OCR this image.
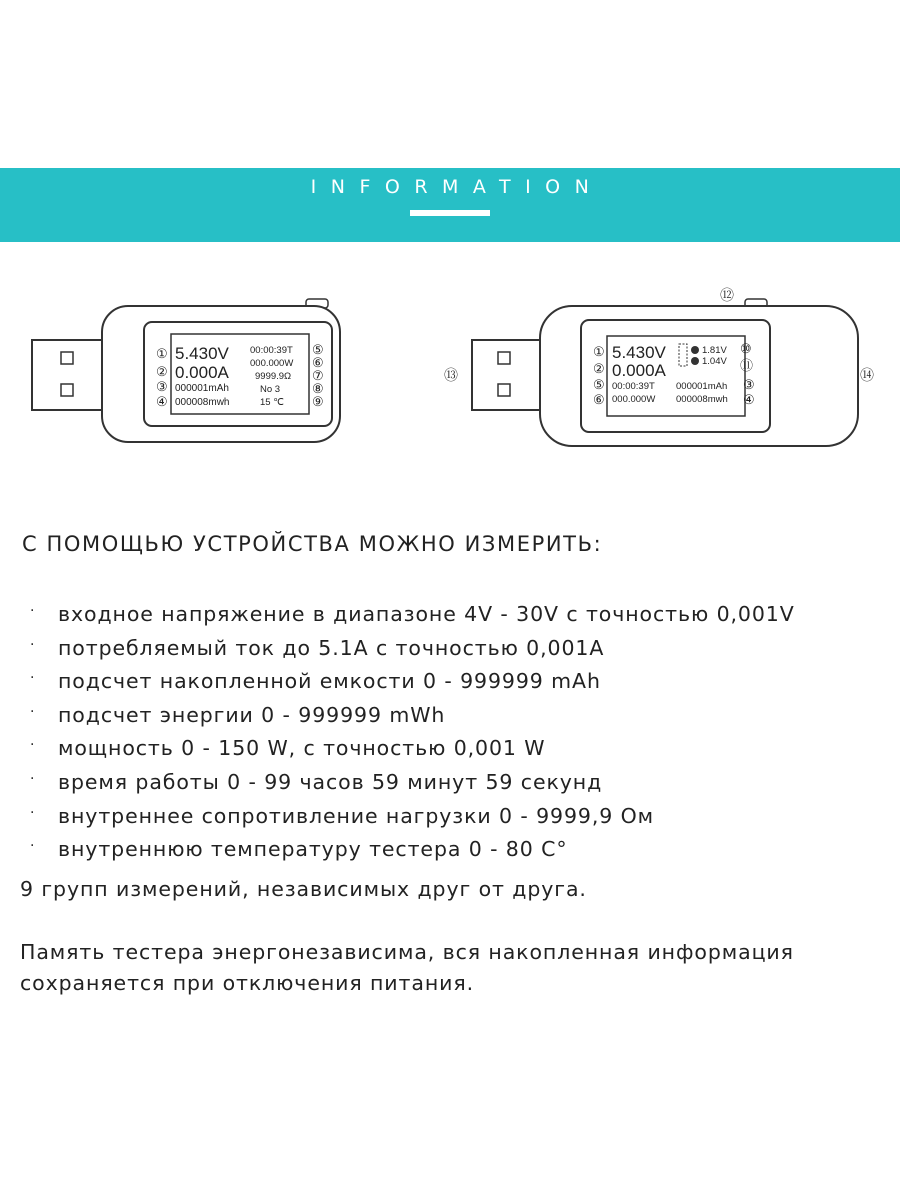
INFORMATION
①
②
③
④
⑤
⑥
⑦
⑧
⑨
5.430V
0.000A
000001mAh
000008mwh
00:00:39T
000.000W
9999.9Ω
No 3
15 ℃
⑫
⑬	⑭
①
②
⑤
⑥
⑩
⑪
③
④
5.430V
0.000A
00:00:39T
000.000W
000001mAh
000008mwh
1.81V
1.04V
С ПОМОЩЬЮ УСТРОЙСТВА МОЖНО ИЗМЕРИТЬ:
· входное напряжение в диапазоне 4V - 30V с точностью 0,001V
· потребляемый ток до 5.1А с точностью 0,001А
· подсчет накопленной емкости 0 - 999999 mAh
· подсчет энергии 0 - 999999 mWh
· мощность 0 - 150 W, с точностью 0,001 W
· время работы 0 - 99 часов 59 минут 59 секунд
· внутреннее сопротивление нагрузки 0 - 9999,9 Ом
· внутреннюю температуру тестера 0 - 80 С°
9 групп измерений, независимых друг от друга.
Память тестера энергонезависима, вся накопленная информация
сохраняется при отключения питания.
